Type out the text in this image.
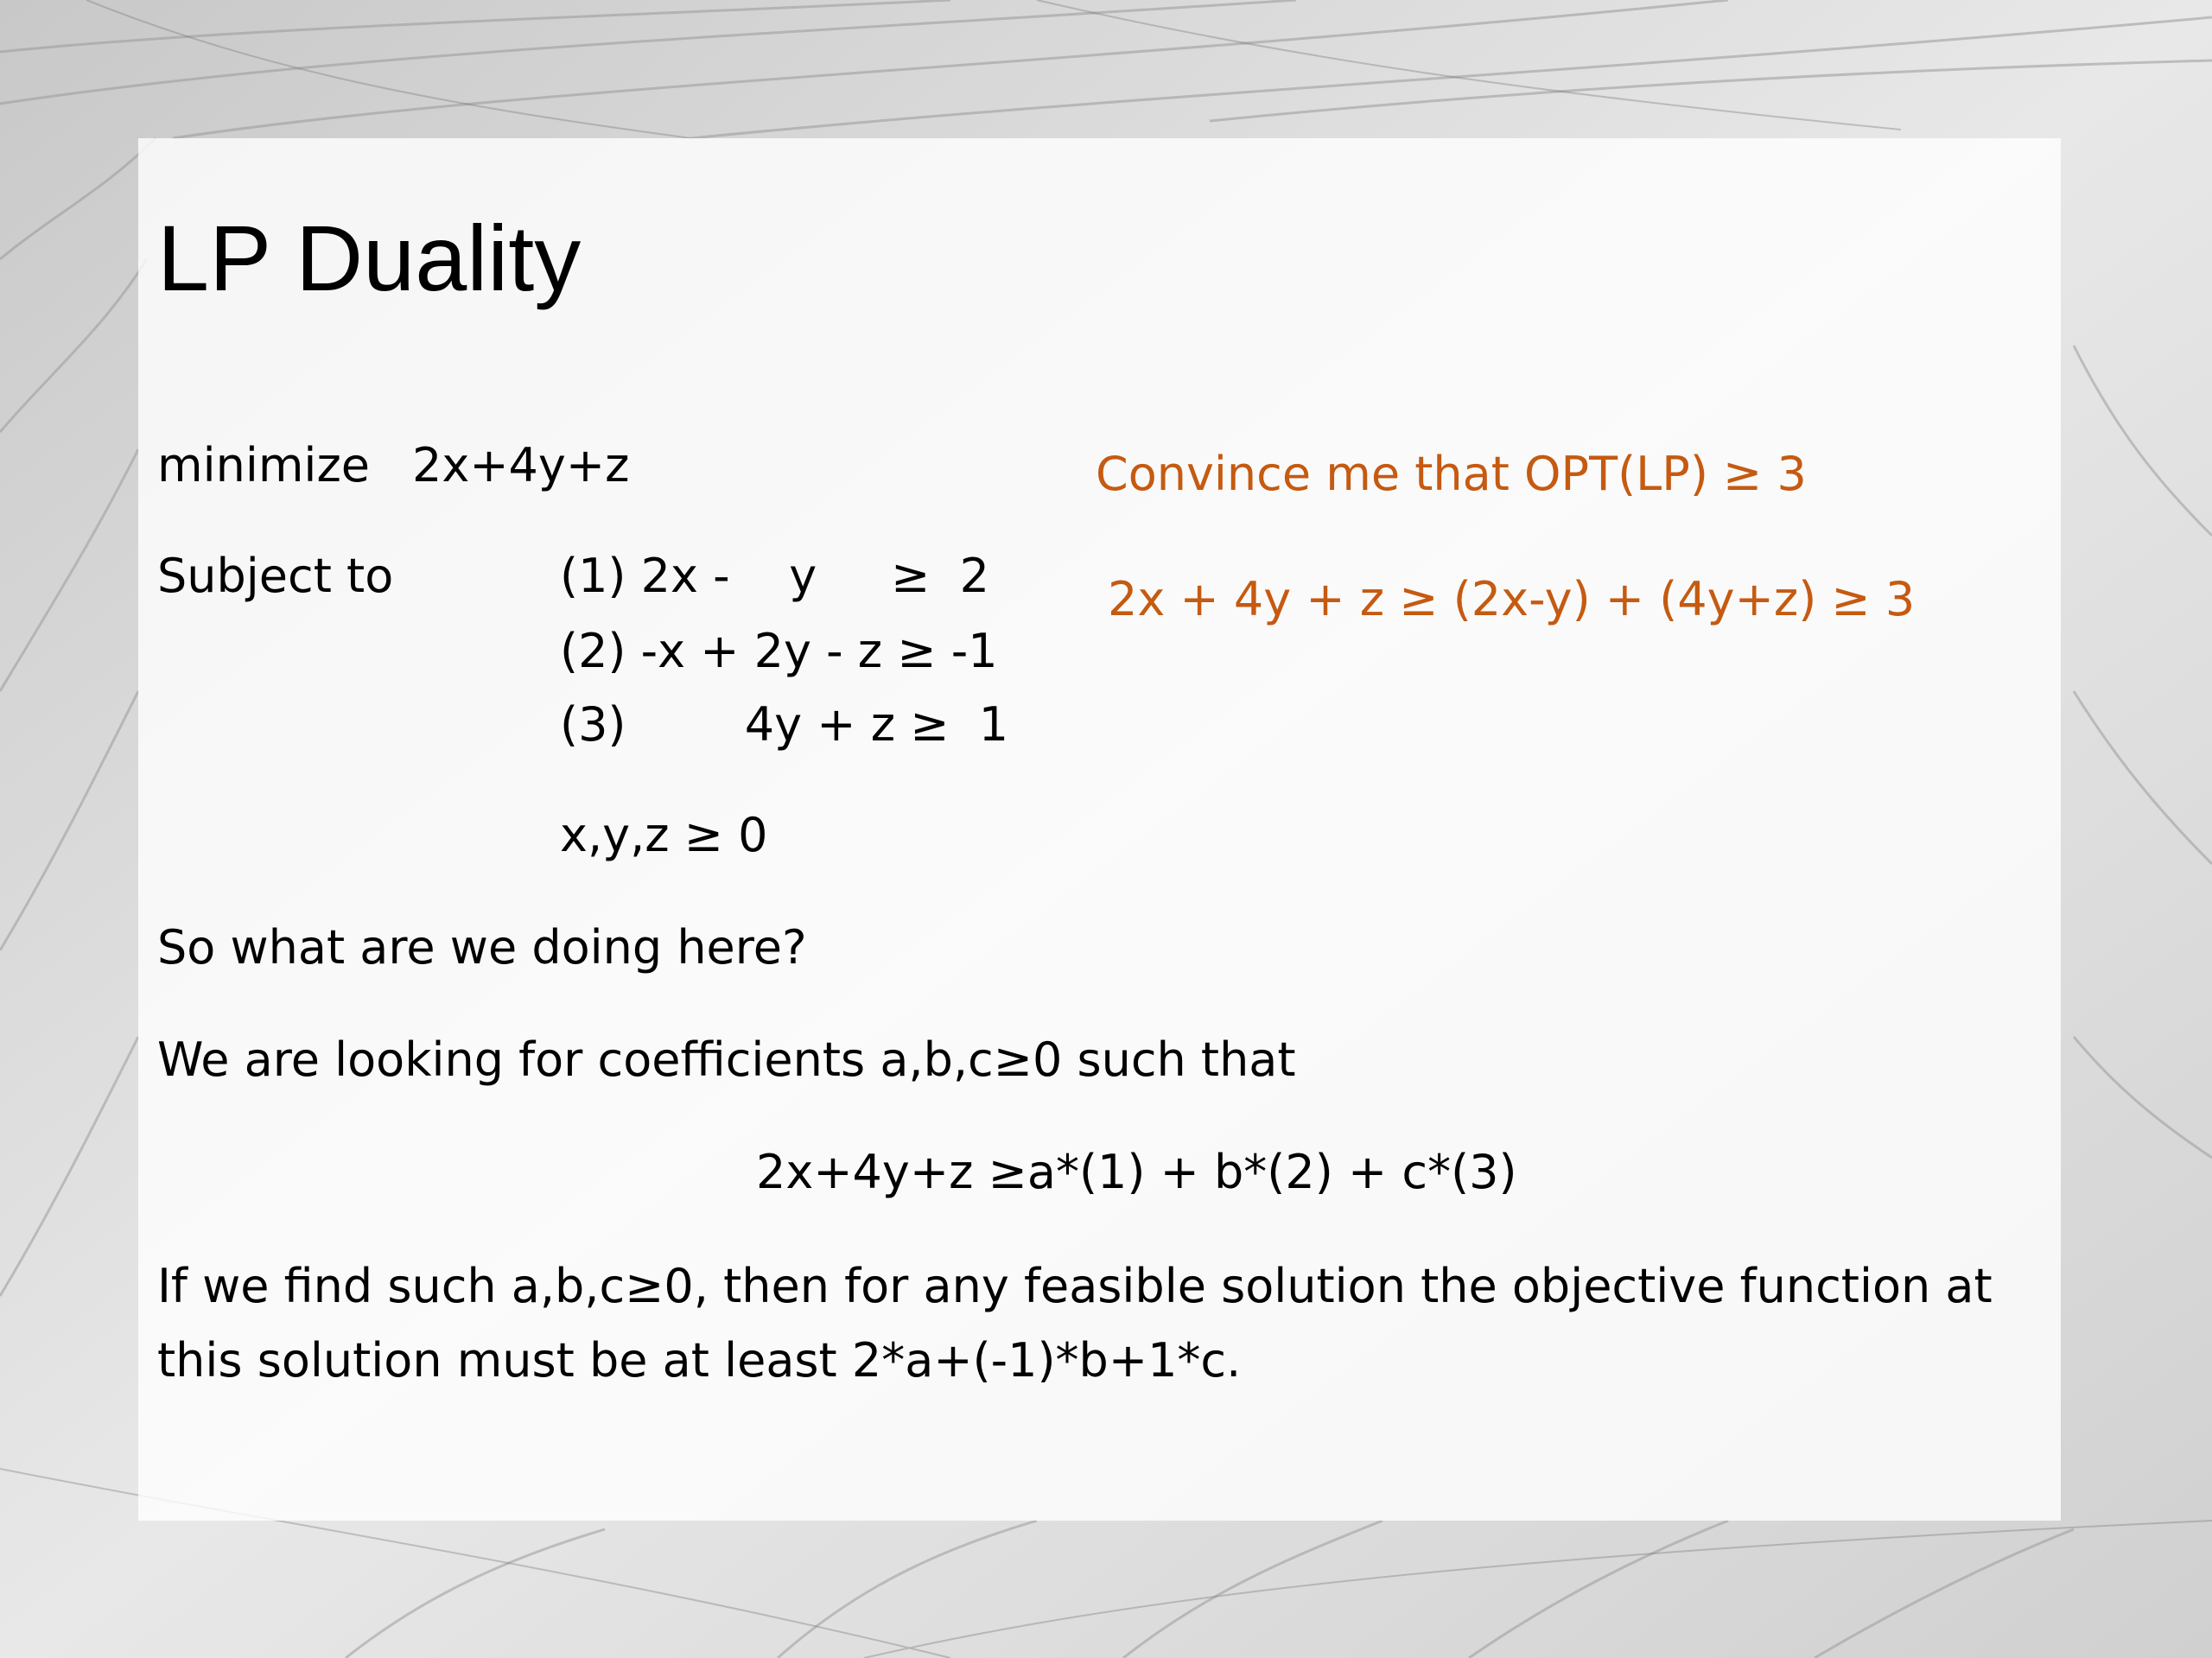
LP Duality
minimize 2x+4y+z
Subject to	(1) 2x -    y     ≥  2
(2) -x + 2y - z ≥ -1
(3)        4y + z ≥  1
x,y,z ≥ 0
So what are we doing here?
We are looking for coefficients a,b,c≥0 such that
2x+4y+z ≥a*(1) + b*(2) + c*(3)
If we find such a,b,c≥0, then for any feasible solution the objective function at
this solution must be at least 2*a+(-1)*b+1*c.
Convince me that OPT(LP) ≥ 3
2x + 4y + z ≥ (2x-y) + (4y+z) ≥ 3
